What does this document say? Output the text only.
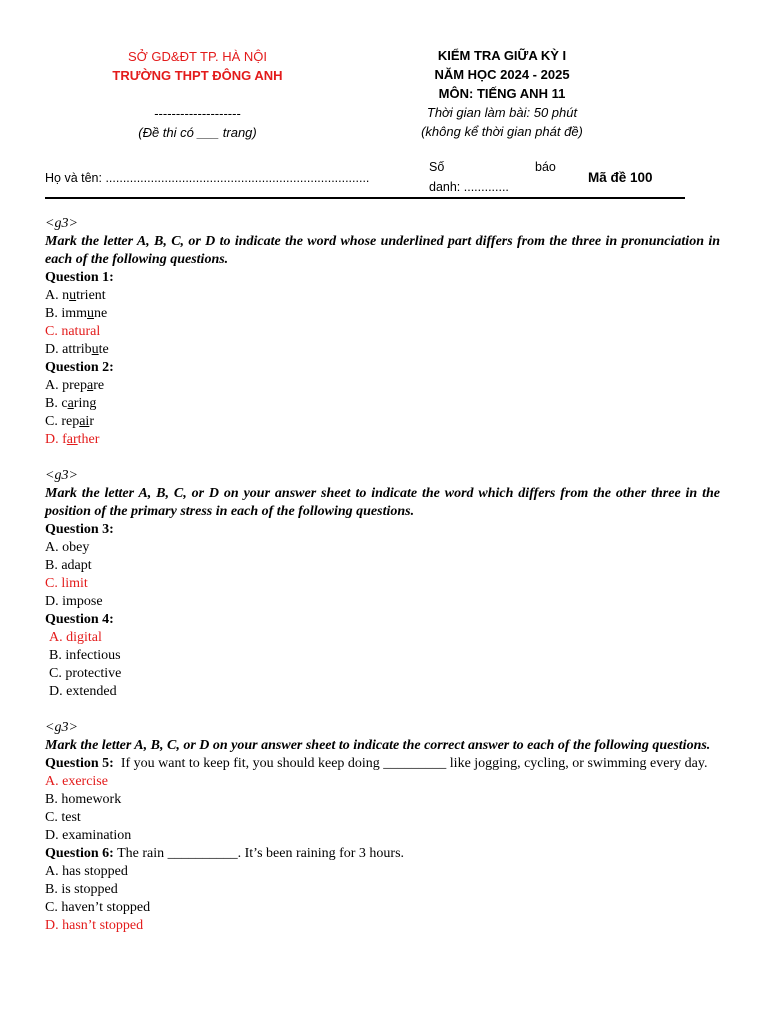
SỞ GD&ĐT TP. HÀ NỘI
TRƯỜNG THPT ĐÔNG ANH
--------------------
(Đề thi có ___ trang)
KIỂM TRA GIỮA KỲ I
NĂM HỌC 2024 - 2025
MÔN: TIẾNG ANH 11
Thời gian làm bài: 50 phút
(không kể thời gian phát đề)
Họ và tên: ............................................................................
Số	báo
danh: .............
Mã đề 100

<g3>

Mark the letter A, B, C, or D to indicate the word whose underlined part differs from the three in pronunciation in each of the following questions.

Question 1:

A. nutrient

B. immune

C. natural

D. attribute

Question 2:

A. prepare

B. caring

C. repair

D. farther

<g3>

Mark the letter A, B, C, or D on your answer sheet to indicate the word which differs from the other three in the position of the primary stress in each of the following questions.

Question 3:

A. obey

B. adapt

C. limit

D. impose

Question 4:

A. digital

B. infectious

C. protective

D. extended

<g3>

Mark the letter A, B, C, or D on your answer sheet to indicate the correct answer to each of the following questions.

Question 5: If you want to keep fit, you should keep doing _________ like jogging, cycling, or swimming every day.

A. exercise

B. homework

C. test

D. examination

Question 6: The rain __________. It’s been raining for 3 hours.

A. has stopped

B. is stopped

C. haven’t stopped

D. hasn’t stopped
